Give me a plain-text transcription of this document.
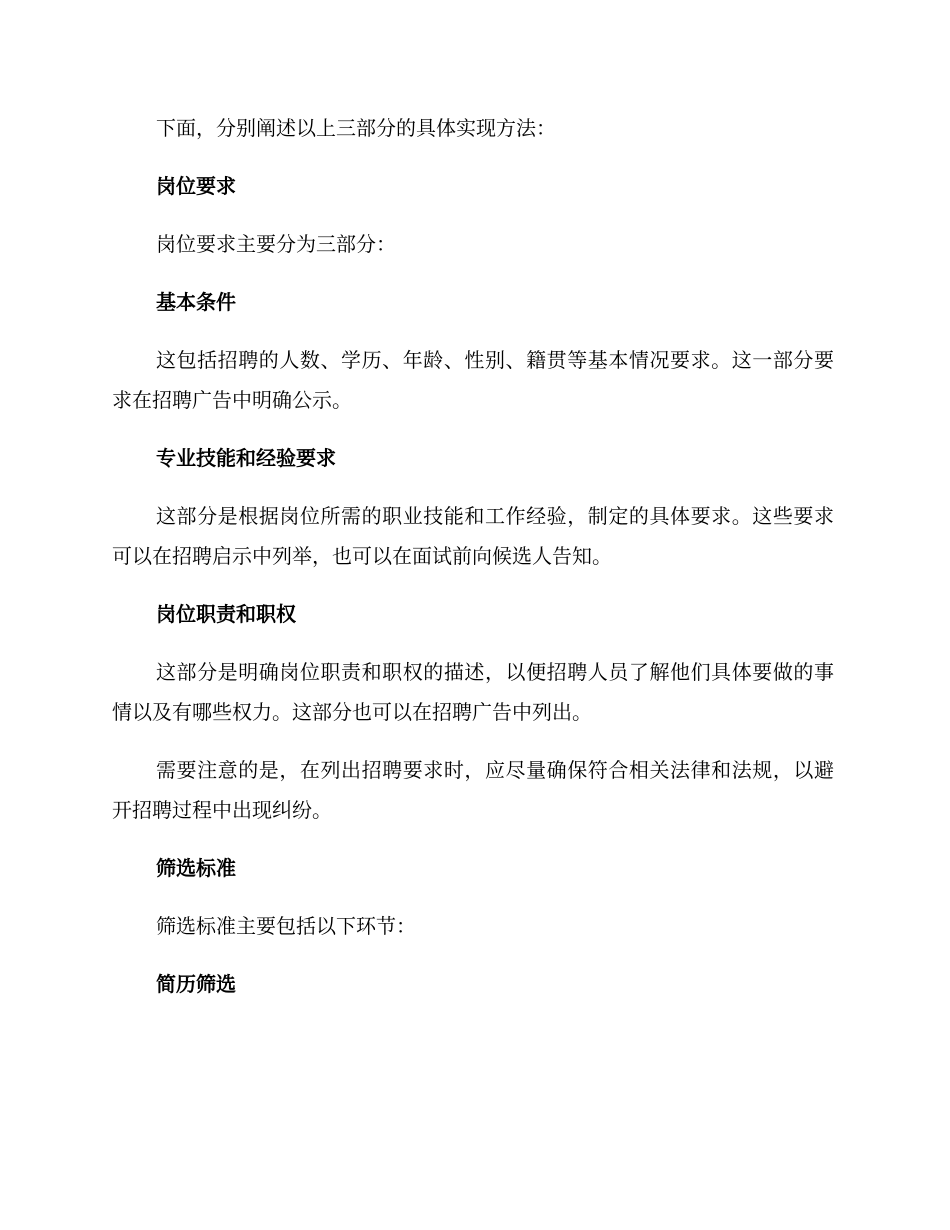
下面，分别阐述以上三部分的具体实现方法：

岗位要求

岗位要求主要分为三部分：

基本条件

这包括招聘的人数、学历、年龄、性别、籍贯等基本情况要求。这一部分要求在招聘广告中明确公示。

专业技能和经验要求

这部分是根据岗位所需的职业技能和工作经验，制定的具体要求。这些要求可以在招聘启示中列举，也可以在面试前向候选人告知。

岗位职责和职权

这部分是明确岗位职责和职权的描述，以便招聘人员了解他们具体要做的事情以及有哪些权力。这部分也可以在招聘广告中列出。

需要注意的是，在列出招聘要求时，应尽量确保符合相关法律和法规，以避开招聘过程中出现纠纷。

筛选标准

筛选标准主要包括以下环节：

简历筛选
